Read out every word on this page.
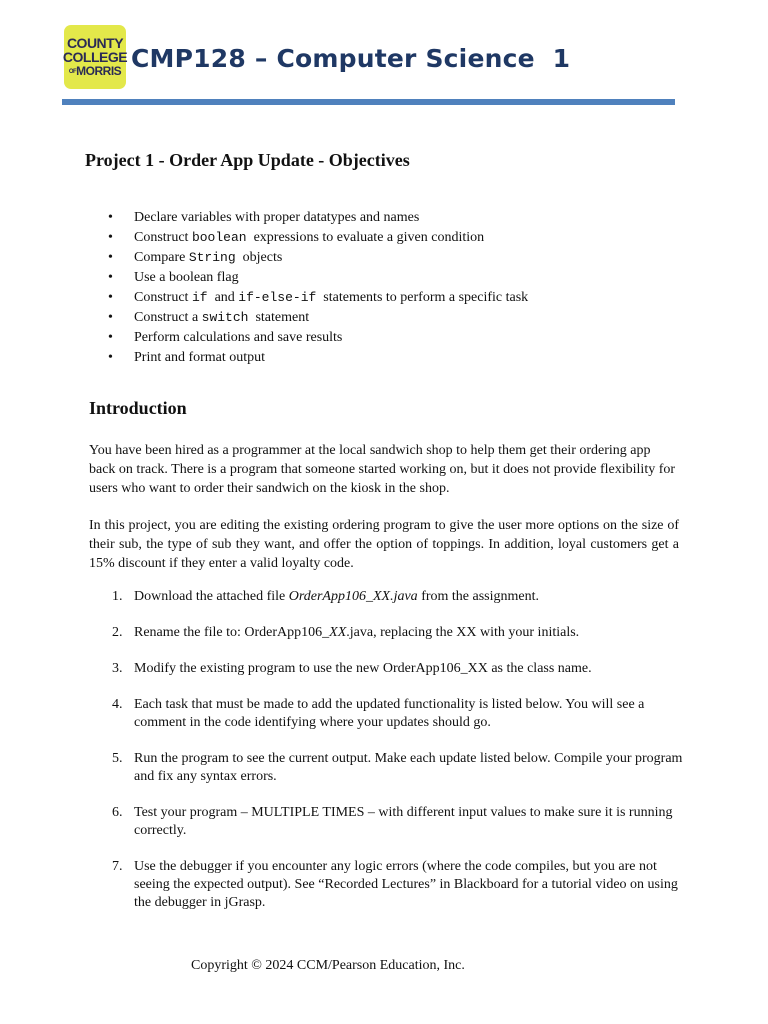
COUNTY
COLLEGE
OFMORRIS CMP128 – Computer Science  1
Project 1 - Order App Update - Objectives
• Declare variables with proper datatypes and names
• Construct boolean  expressions to evaluate a given condition
• Compare String  objects
• Use a boolean flag
• Construct if  and if-else-if  statements to perform a specific task
• Construct a switch  statement
• Perform calculations and save results
• Print and format output
Introduction

You have been hired as a programmer at the local sandwich shop to help them get their ordering app back on track. There is a program that someone started working on, but it does not provide flexibility for users who want to order their sandwich on the kiosk in the shop.

In this project, you are editing the existing ordering program to give the user more options on the size of their sub, the type of sub they want, and offer the option of toppings. In addition, loyal customers get a 15% discount if they enter a valid loyalty code.

1. Download the attached file OrderApp106_XX.java from the assignment.
2. Rename the file to: OrderApp106_XX.java, replacing the XX with your initials.
3. Modify the existing program to use the new OrderApp106_XX as the class name.
4. Each task that must be made to add the updated functionality is listed below. You will see a comment in the code identifying where your updates should go.
5. Run the program to see the current output. Make each update listed below. Compile your program and fix any syntax errors.
6. Test your program – MULTIPLE TIMES – with different input values to make sure it is running correctly.
7. Use the debugger if you encounter any logic errors (where the code compiles, but you are not seeing the expected output). See “Recorded Lectures” in Blackboard for a tutorial video on using the debugger in jGrasp.
Copyright © 2024 CCM/Pearson Education, Inc.
